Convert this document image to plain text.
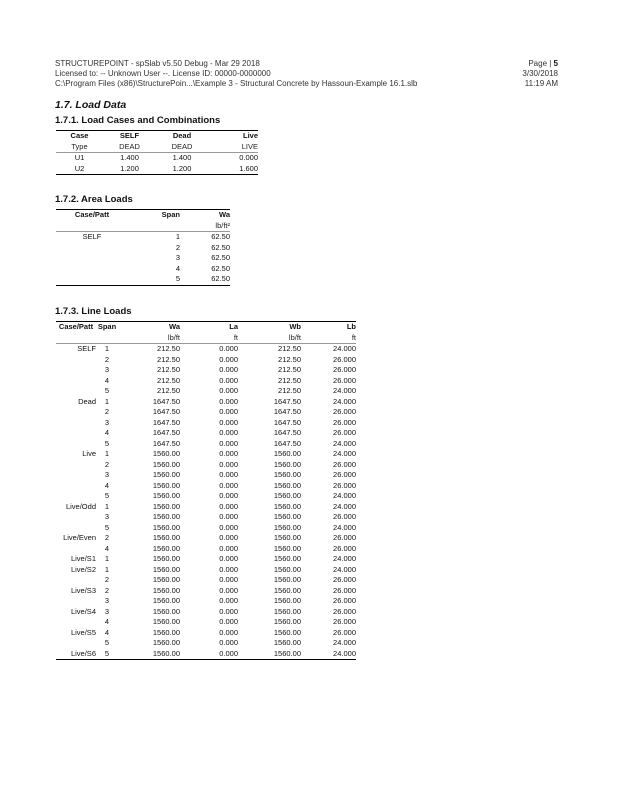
STRUCTUREPOINT - spSlab v5.50 Debug - Mar 29 2018
Licensed to: -- Unknown User --. License ID: 00000-0000000
C:\Program Files (x86)\StructurePoin...\Example 3 - Structural Concrete by Hassoun-Example 16.1.slb
Page | 5
3/30/2018
11:19 AM
1.7. Load Data
1.7.1. Load Cases and Combinations
Case	SELF	Dead	Live
Type	DEAD	DEAD	LIVE
U1	1.400	1.400	0.000
U2	1.200	1.200	1.600
1.7.2. Area Loads
Case/Patt	Span	Wa
		lb/ft²
SELF	1	62.50
	2	62.50
	3	62.50
	4	62.50
	5	62.50
1.7.3. Line Loads
Case/Patt	Span	Wa	La	Wb	Lb
		lb/ft	ft	lb/ft	ft
SELF	1	212.50	0.000	212.50	24.000
	2	212.50	0.000	212.50	26.000
	3	212.50	0.000	212.50	26.000
	4	212.50	0.000	212.50	26.000
	5	212.50	0.000	212.50	24.000
Dead	1	1647.50	0.000	1647.50	24.000
	2	1647.50	0.000	1647.50	26.000
	3	1647.50	0.000	1647.50	26.000
	4	1647.50	0.000	1647.50	26.000
	5	1647.50	0.000	1647.50	24.000
Live	1	1560.00	0.000	1560.00	24.000
	2	1560.00	0.000	1560.00	26.000
	3	1560.00	0.000	1560.00	26.000
	4	1560.00	0.000	1560.00	26.000
	5	1560.00	0.000	1560.00	24.000
Live/Odd	1	1560.00	0.000	1560.00	24.000
	3	1560.00	0.000	1560.00	26.000
	5	1560.00	0.000	1560.00	24.000
Live/Even	2	1560.00	0.000	1560.00	26.000
	4	1560.00	0.000	1560.00	26.000
Live/S1	1	1560.00	0.000	1560.00	24.000
Live/S2	1	1560.00	0.000	1560.00	24.000
	2	1560.00	0.000	1560.00	26.000
Live/S3	2	1560.00	0.000	1560.00	26.000
	3	1560.00	0.000	1560.00	26.000
Live/S4	3	1560.00	0.000	1560.00	26.000
	4	1560.00	0.000	1560.00	26.000
Live/S5	4	1560.00	0.000	1560.00	26.000
	5	1560.00	0.000	1560.00	24.000
Live/S6	5	1560.00	0.000	1560.00	24.000
